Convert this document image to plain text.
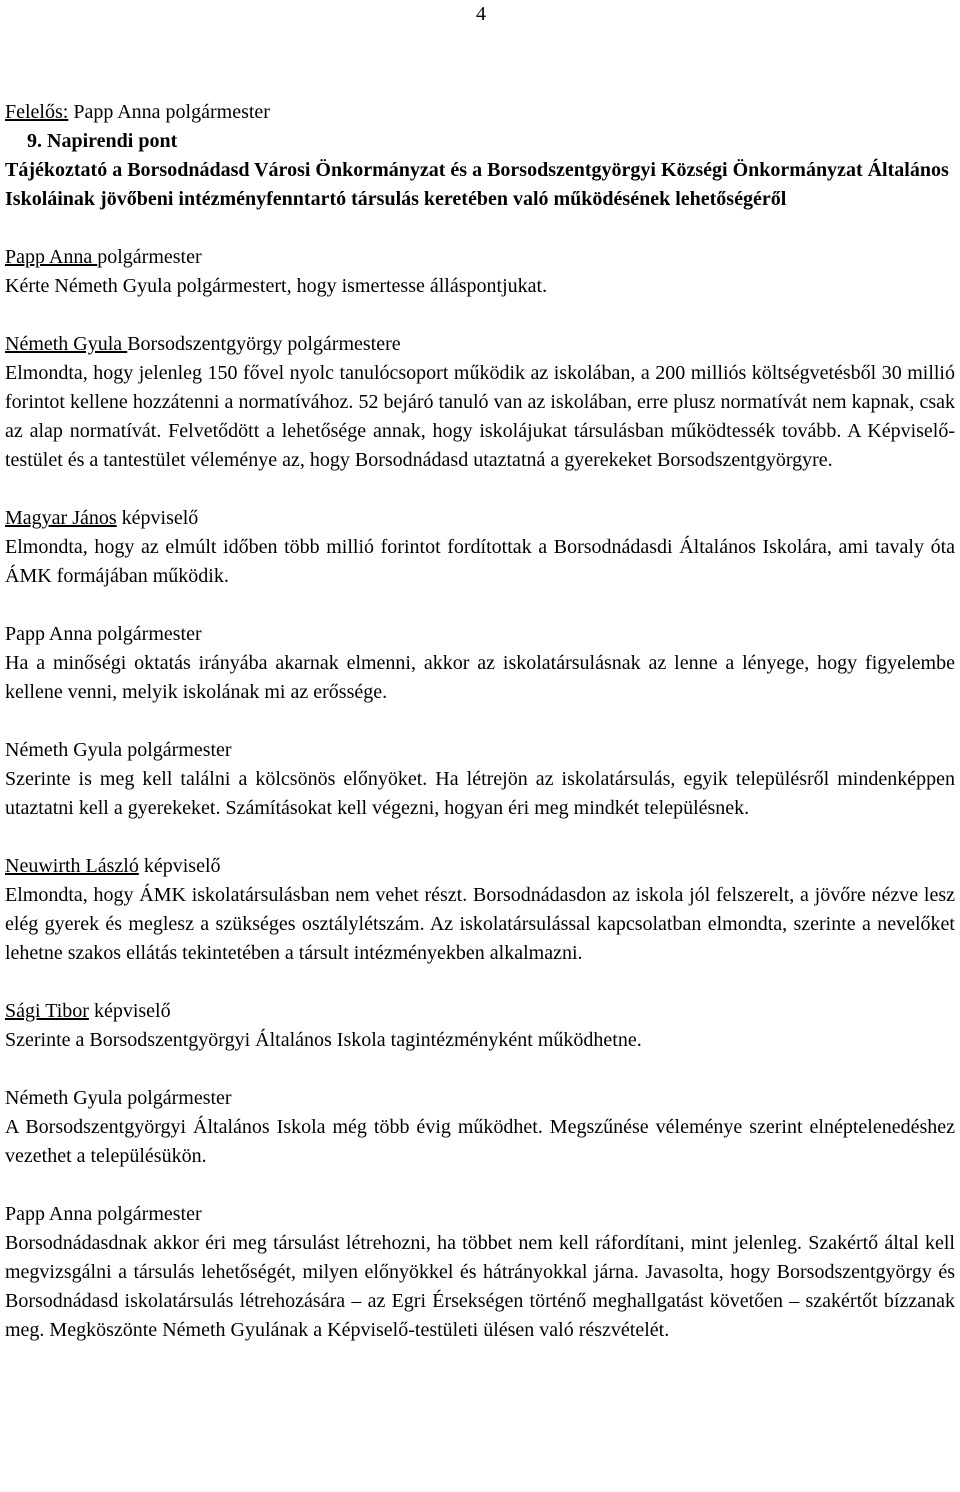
4

Felelős: Papp Anna polgármester

9. Napirendi pont

Tájékoztató a Borsodnádasd Városi Önkormányzat és a Borsodszentgyörgyi Községi Önkormányzat Általános Iskoláinak jövőbeni intézményfenntartó társulás keretében való működésének lehetőségéről

Papp Anna polgármester

Kérte Németh Gyula polgármestert, hogy ismertesse álláspontjukat.

Németh Gyula Borsodszentgyörgy polgármestere

Elmondta, hogy jelenleg 150 fővel nyolc tanulócsoport működik az iskolában, a 200 milliós költségvetésből 30 millió forintot kellene hozzátenni a normatívához. 52 bejáró tanuló van az iskolában, erre plusz normatívát nem kapnak, csak az alap normatívát. Felvetődött a lehetősége annak, hogy iskolájukat társulásban működtessék tovább. A Képviselő-testület és a tantestület véleménye az, hogy Borsodnádasd utaztatná a gyerekeket Borsodszentgyörgyre.

Magyar János képviselő

Elmondta, hogy az elmúlt időben több millió forintot fordítottak a Borsodnádasdi Általános Iskolára, ami tavaly óta ÁMK formájában működik.

Papp Anna polgármester

Ha a minőségi oktatás irányába akarnak elmenni, akkor az iskolatársulásnak az lenne a lényege, hogy figyelembe kellene venni, melyik iskolának mi az erőssége.

Németh Gyula polgármester

Szerinte is meg kell találni a kölcsönös előnyöket. Ha létrejön az iskolatársulás, egyik településről mindenképpen utaztatni kell a gyerekeket. Számításokat kell végezni, hogyan éri meg mindkét településnek.

Neuwirth László képviselő

Elmondta, hogy ÁMK iskolatársulásban nem vehet részt. Borsodnádasdon az iskola jól felszerelt, a jövőre nézve lesz elég gyerek és meglesz a szükséges osztálylétszám. Az iskolatársulással kapcsolatban elmondta, szerinte a nevelőket lehetne szakos ellátás tekintetében a társult intézményekben alkalmazni.

Sági Tibor képviselő

Szerinte a Borsodszentgyörgyi Általános Iskola tagintézményként működhetne.

Németh Gyula polgármester

A Borsodszentgyörgyi Általános Iskola még több évig működhet. Megszűnése véleménye szerint elnéptelenedéshez vezethet a településükön.

Papp Anna polgármester

Borsodnádasdnak akkor éri meg társulást létrehozni, ha többet nem kell ráfordítani, mint jelenleg. Szakértő által kell megvizsgálni a társulás lehetőségét, milyen előnyökkel és hátrányokkal járna. Javasolta, hogy Borsodszentgyörgy és Borsodnádasd iskolatársulás létrehozására – az Egri Érsekségen történő meghallgatást követően – szakértőt bízzanak meg. Megköszönte Németh Gyulának a Képviselő-testületi ülésen való részvételét.
